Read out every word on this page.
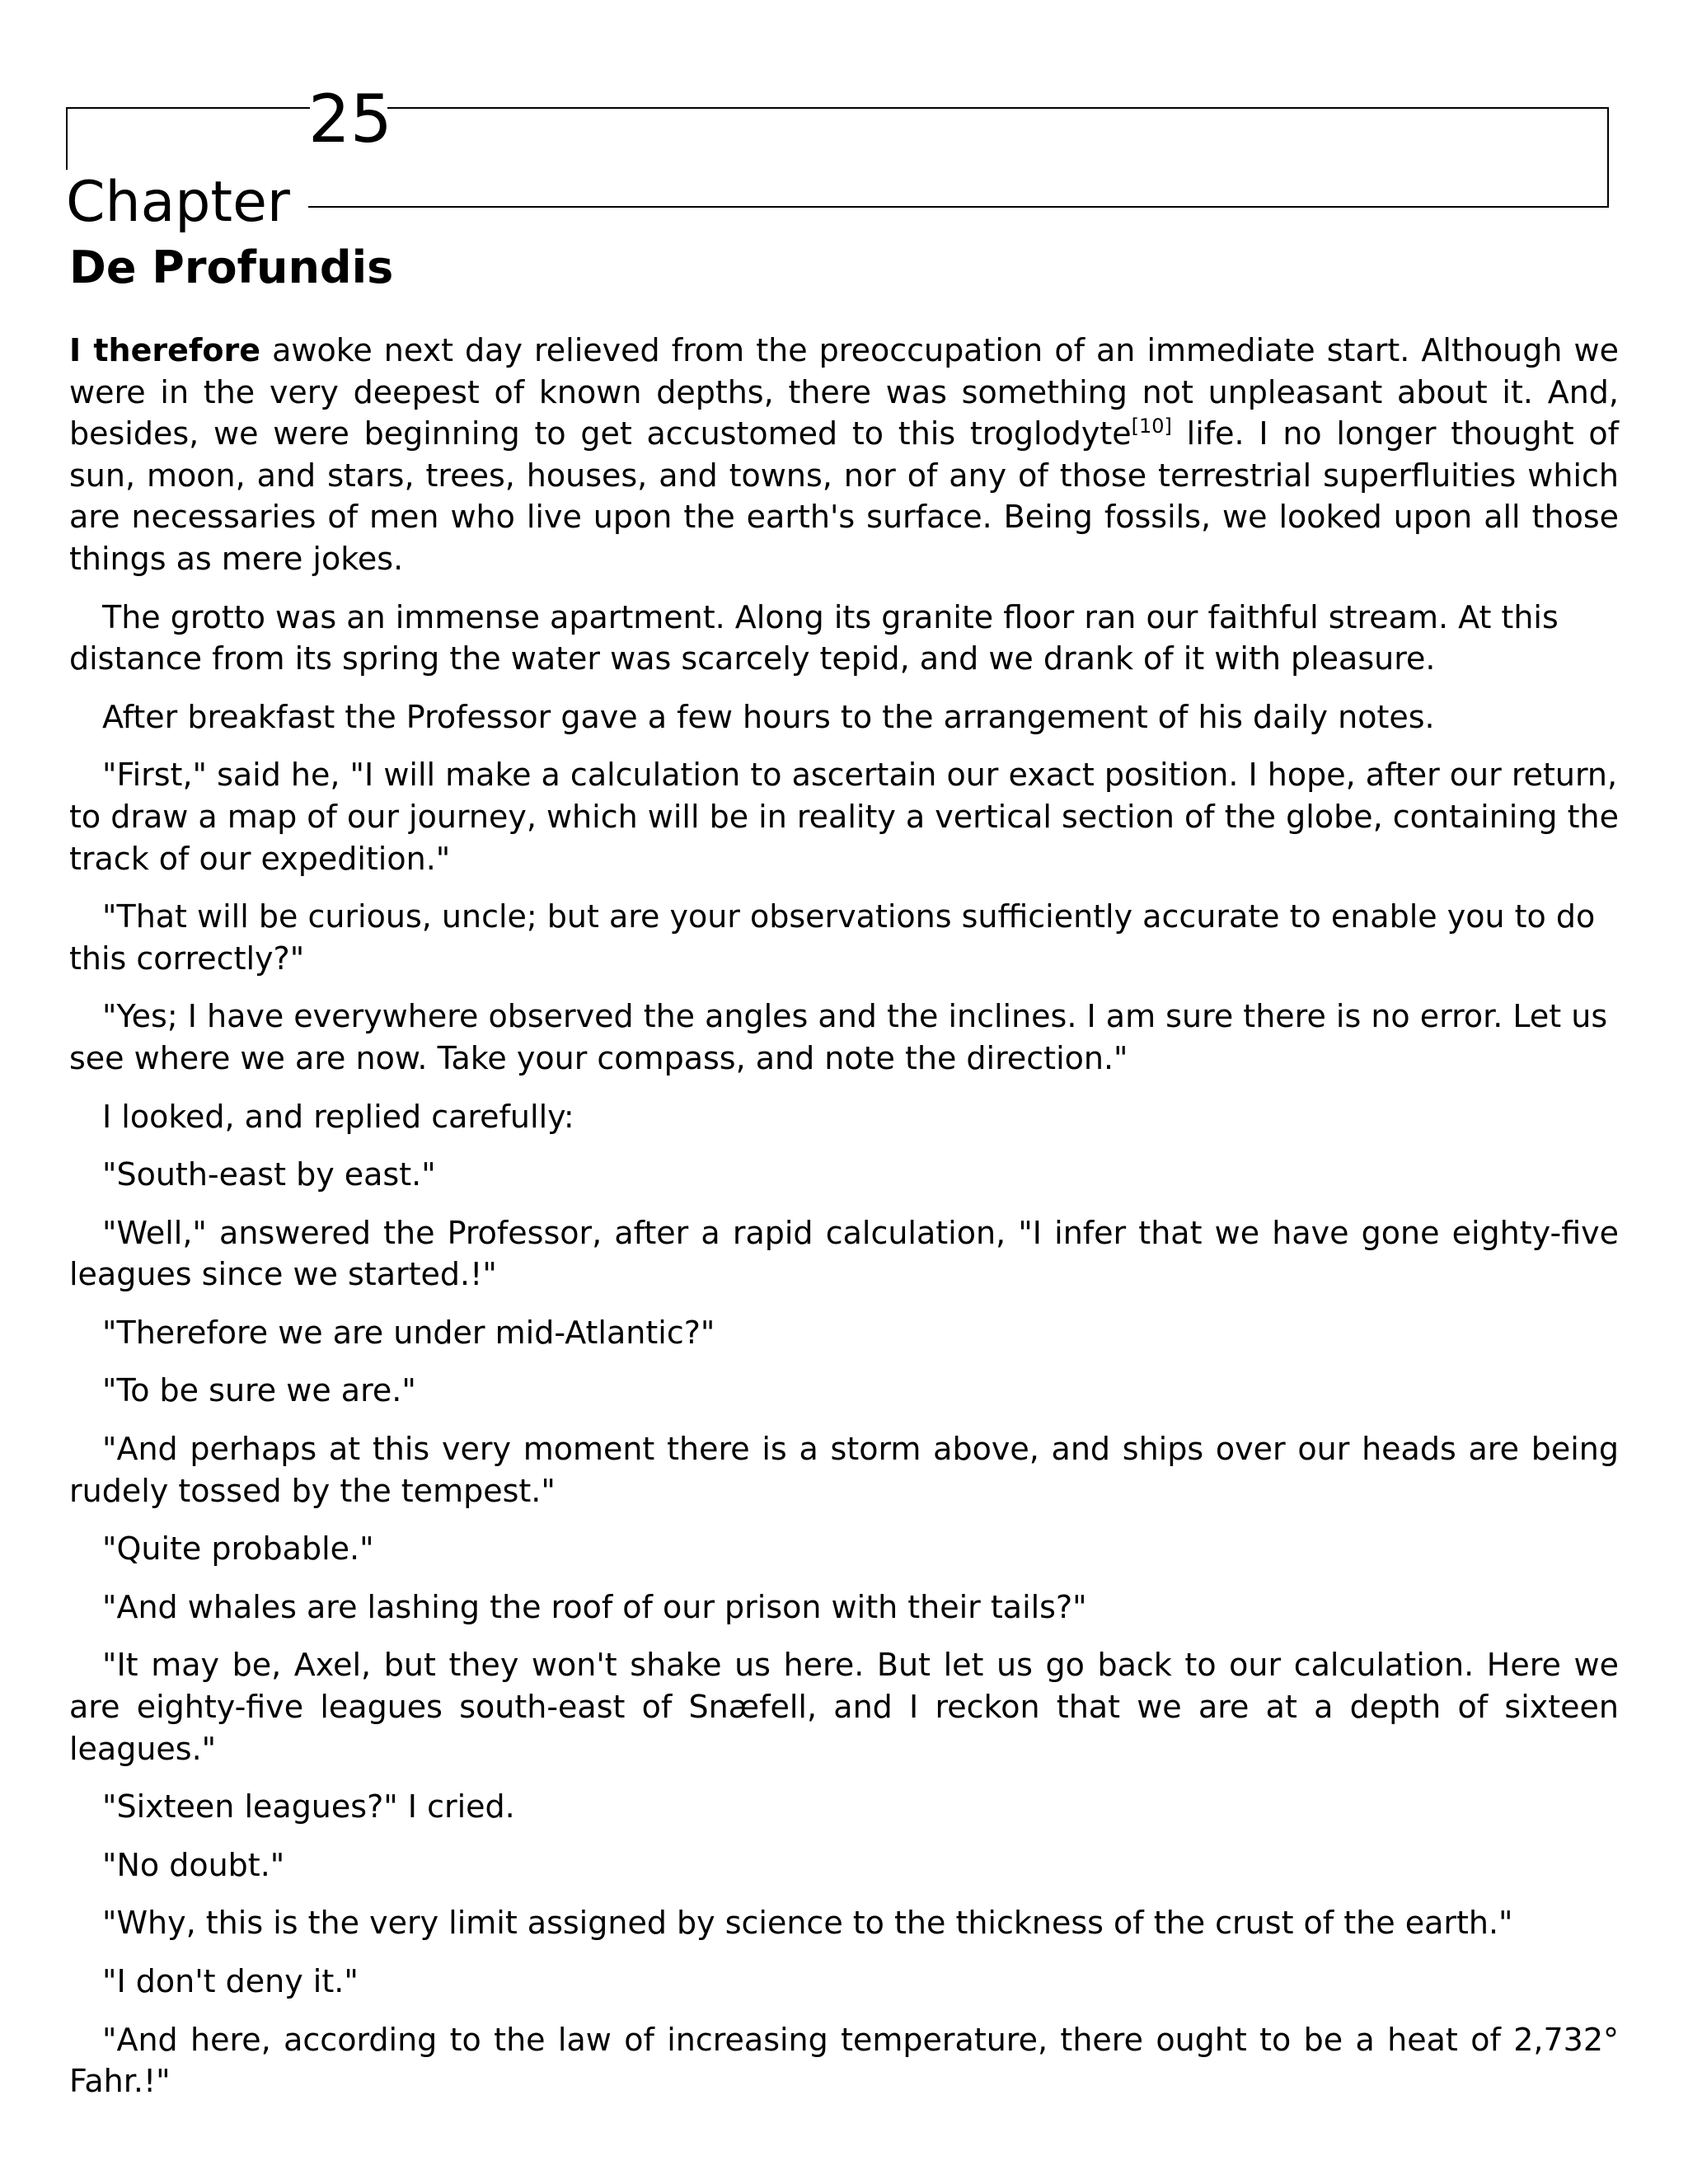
25
Chapter
De Profundis

I therefore awoke next day relieved from the preoccupation of an immediate start. Although we were in the very deepest of known depths, there was something not unpleasant about it. And, besides, we were beginning to get accustomed to this troglodyte[10] life. I no longer thought of sun, moon, and stars, trees, houses, and towns, nor of any of those terrestrial superfluities which are necessaries of men who live upon the earth's surface. Being fossils, we looked upon all those things as mere jokes.

The grotto was an immense apartment. Along its granite floor ran our faithful stream. At this distance from its spring the water was scarcely tepid, and we drank of it with pleasure.

After breakfast the Professor gave a few hours to the arrangement of his daily notes.

"First," said he, "I will make a calculation to ascertain our exact position. I hope, after our return, to draw a map of our journey, which will be in reality a vertical section of the globe, containing the track of our expedition."

"That will be curious, uncle; but are your observations sufficiently accurate to enable you to do this correctly?"

"Yes; I have everywhere observed the angles and the inclines. I am sure there is no error. Let us see where we are now. Take your compass, and note the direction."

I looked, and replied carefully:

"South-east by east."

"Well," answered the Professor, after a rapid calculation, "I infer that we have gone eighty-five leagues since we started.!"

"Therefore we are under mid-Atlantic?"

"To be sure we are."

"And perhaps at this very moment there is a storm above, and ships over our heads are being rudely tossed by the tempest."

"Quite probable."

"And whales are lashing the roof of our prison with their tails?"

"It may be, Axel, but they won't shake us here. But let us go back to our calculation. Here we are eighty-five leagues south-east of Snæfell, and I reckon that we are at a depth of sixteen leagues."

"Sixteen leagues?" I cried.

"No doubt."

"Why, this is the very limit assigned by science to the thickness of the crust of the earth."

"I don't deny it."

"And here, according to the law of increasing temperature, there ought to be a heat of 2,732° Fahr.!"
